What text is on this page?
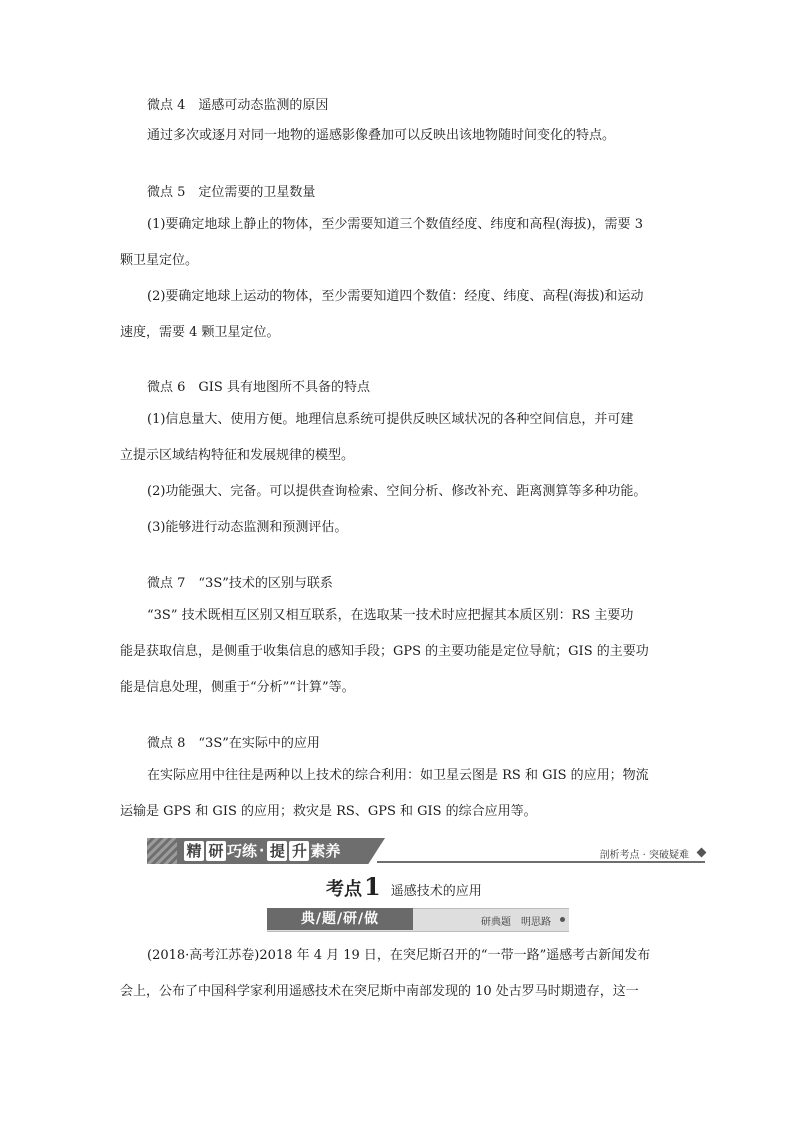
微点 4　遥感可动态监测的原因
通过多次或逐月对同一地物的遥感影像叠加可以反映出该地物随时间变化的特点。
微点 5　定位需要的卫星数量
(1)要确定地球上静止的物体，至少需要知道三个数值经度、纬度和高程(海拔)，需要 3
颗卫星定位。
(2)要确定地球上运动的物体，至少需要知道四个数值：经度、纬度、高程(海拔)和运动
速度，需要 4 颗卫星定位。
微点 6　GIS 具有地图所不具备的特点
(1)信息量大、使用方便。地理信息系统可提供反映区域状况的各种空间信息，并可建
立提示区域结构特征和发展规律的模型。
(2)功能强大、完备。可以提供查询检索、空间分析、修改补充、距离测算等多种功能。
(3)能够进行动态监测和预测评估。
微点 7　“3S”技术的区别与联系
“3S” 技术既相互区别又相互联系，在选取某一技术时应把握其本质区别：RS 主要功
能是获取信息，是侧重于收集信息的感知手段；GPS 的主要功能是定位导航；GIS 的主要功
能是信息处理，侧重于“分析”“计算”等。
微点 8　“3S”在实际中的应用
在实际应用中往往是两种以上技术的综合利用：如卫星云图是 RS 和 GIS 的应用；物流
运输是 GPS 和 GIS 的应用；救灾是 RS、GPS 和 GIS 的综合应用等。
精 研 巧 练 · 提 升 素 养	剖析考点 · 突破疑难
考点 1 遥感技术的应用
典/题/研/做	研典题　明思路
(2018·高考江苏卷)2018 年 4 月 19 日，在突尼斯召开的“一带一路”遥感考古新闻发布
会上，公布了中国科学家利用遥感技术在突尼斯中南部发现的 10 处古罗马时期遗存，这一
